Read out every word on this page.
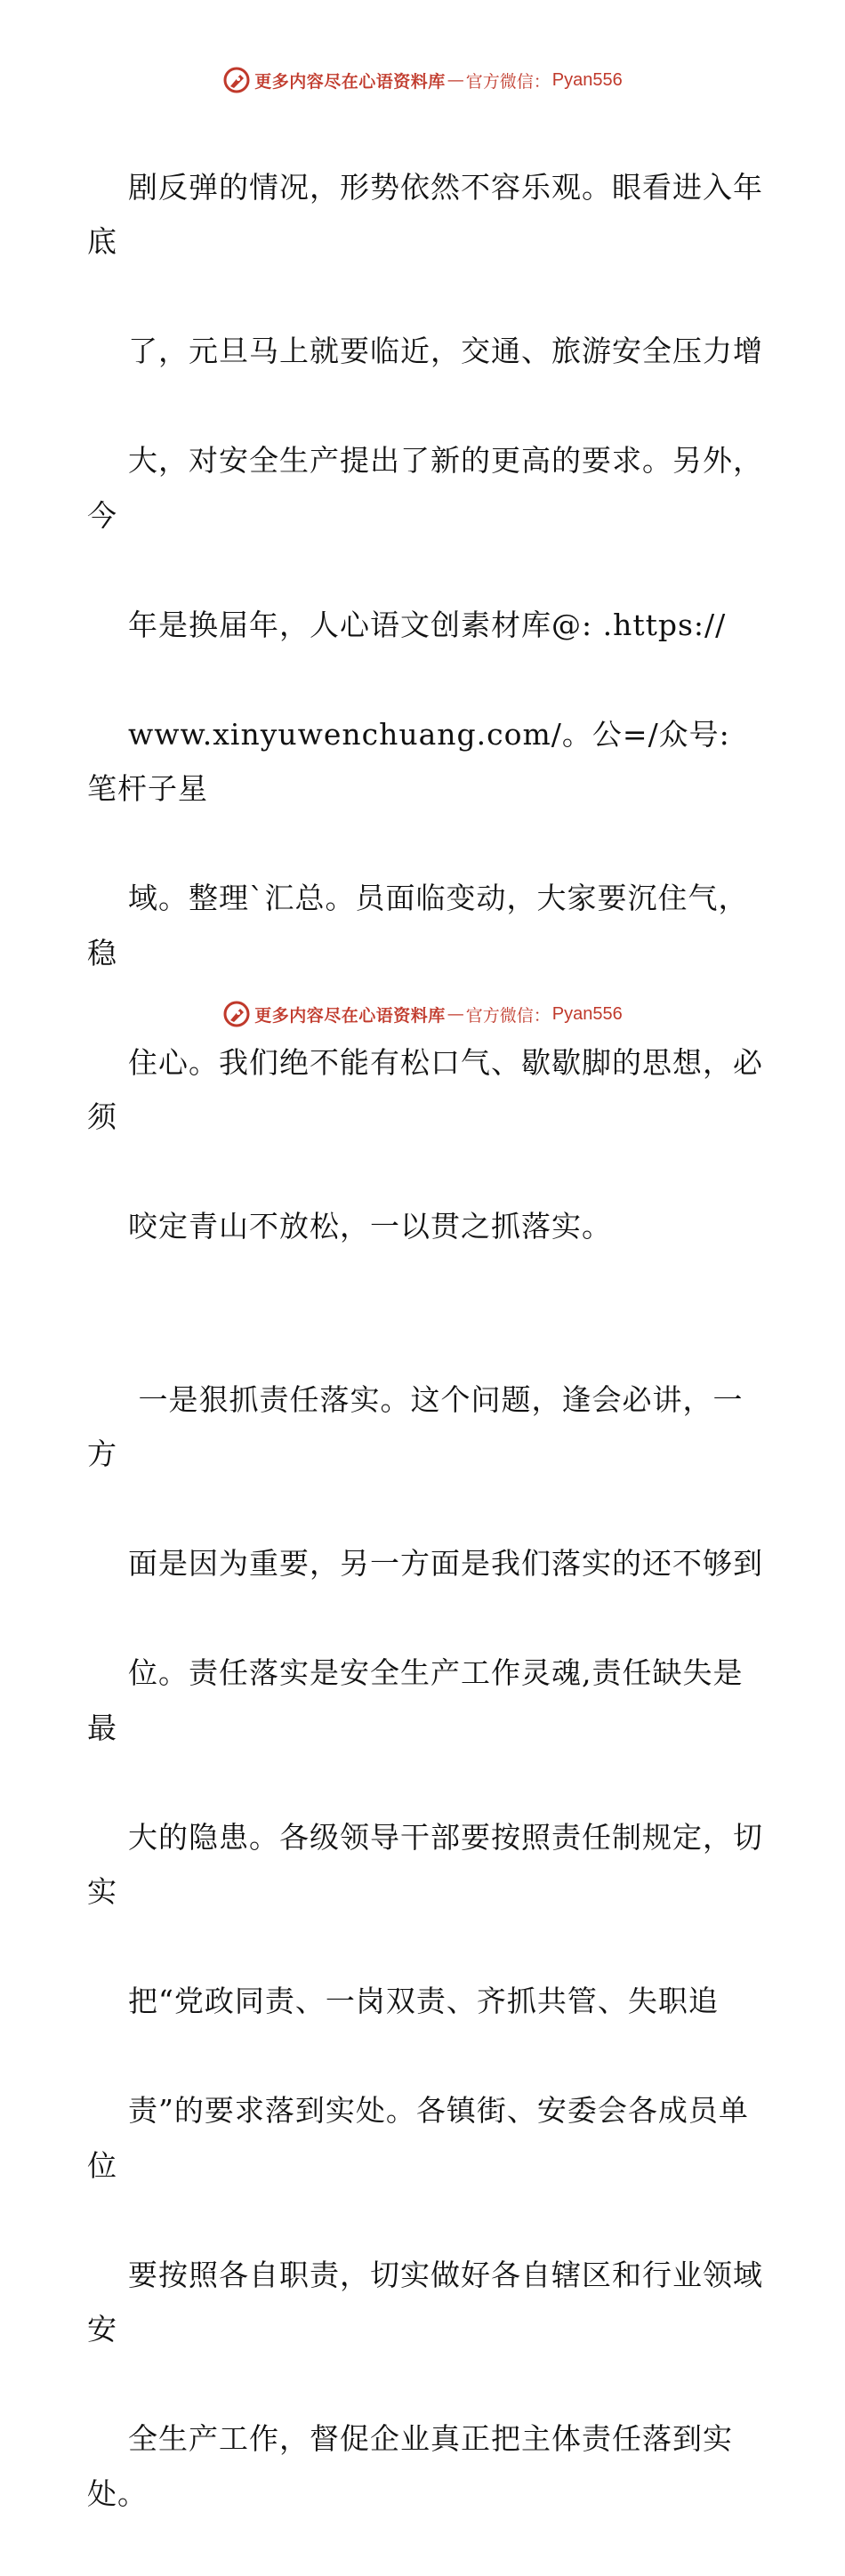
更多内容尽在心语资料库 — 官方微信： Pyan556

剧反弹的情况，形势依然不容乐观。眼看进入年底

了，元旦马上就要临近，交通、旅游安全压力增

大，对安全生产提出了新的更高的要求。另外，今

年是换届年，人心语文创素材库@: .https://

www.xinyuwenchuang.com/。公=/众号: 笔杆子星

域。整理`汇总。员面临变动，大家要沉住气，稳

住心。我们绝不能有松口气、歇歇脚的思想，必须

咬定青山不放松，一以贯之抓落实。

一是狠抓责任落实。这个问题，逢会必讲，一方

面是因为重要，另一方面是我们落实的还不够到

位。责任落实是安全生产工作灵魂,责任缺失是最

大的隐患。各级领导干部要按照责任制规定，切实

把“党政同责、一岗双责、齐抓共管、失职追

责”的要求落到实处。各镇街、安委会各成员单位

要按照各自职责，切实做好各自辖区和行业领域安

全生产工作，督促企业真正把主体责任落到实处。

更多内容尽在心语资料库 — 官方微信： Pyan556
